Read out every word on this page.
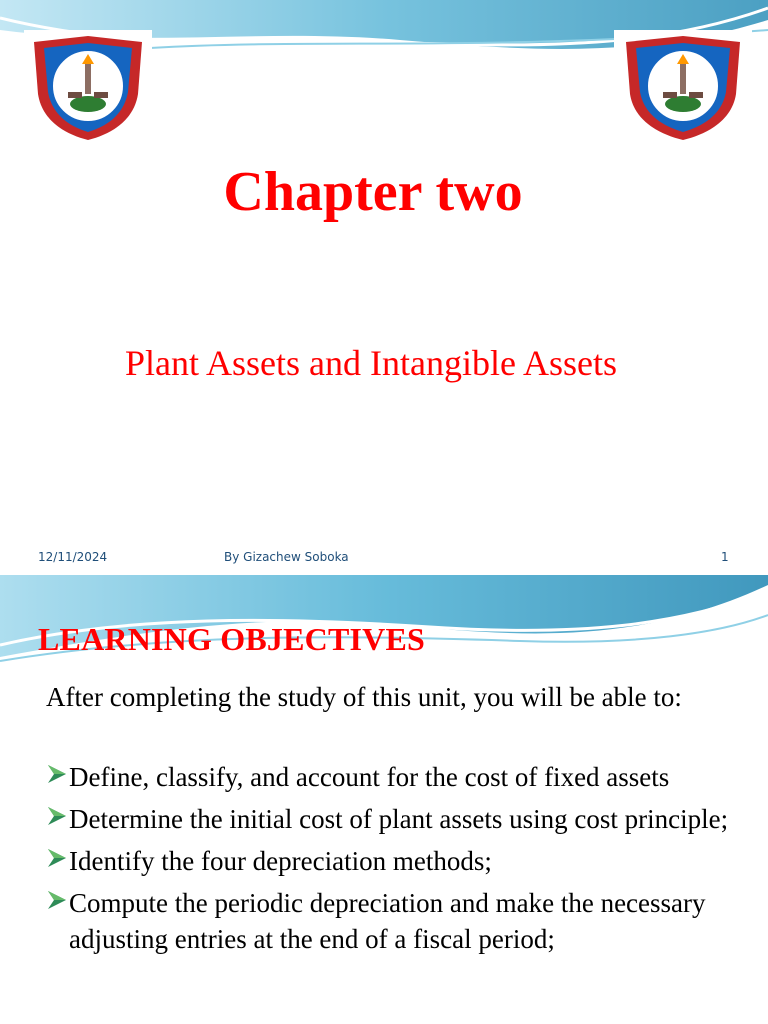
Chapter two
Plant Assets and Intangible Assets
12/11/2024	By Gizachew Soboka	1
LEARNING OBJECTIVES
After completing the study of this unit, you will be able to:
Define, classify, and account for the cost of fixed assets
Determine the initial cost of plant assets using cost principle;
Identify the four depreciation methods;
Compute the periodic depreciation and make the necessary adjusting entries at the end of a fiscal period;
